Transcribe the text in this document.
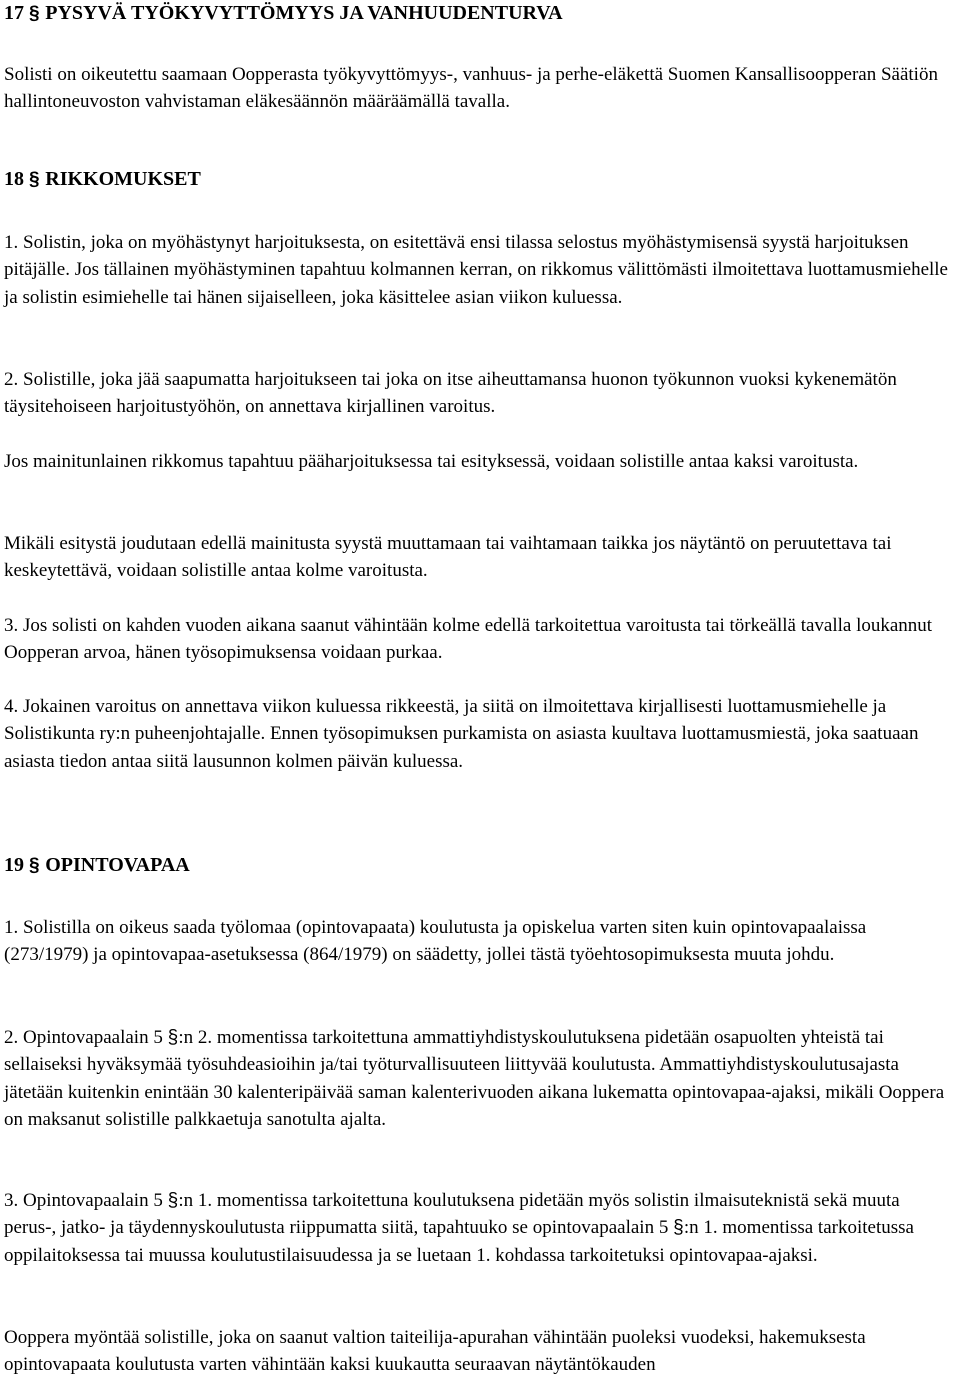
17 § PYSYVÄ TYÖKYVYTTÖMYYS JA VANHUUDENTURVA

Solisti on oikeutettu saamaan Oopperasta työkyvyttömyys-, vanhuus- ja perhe-eläkettä Suomen Kansallisoopperan Säätiön hallintoneuvoston vahvistaman eläkesäännön määräämällä tavalla.

18 § RIKKOMUKSET

1. Solistin, joka on myöhästynyt harjoituksesta, on esitettävä ensi tilassa selostus myöhästymisensä syystä harjoituksen pitäjälle. Jos tällainen myöhästyminen tapahtuu kolmannen kerran, on rikkomus välittömästi ilmoitettava luottamusmiehelle ja solistin esimiehelle tai hänen sijaiselleen, joka käsittelee asian viikon kuluessa.

2. Solistille, joka jää saapumatta harjoitukseen tai joka on itse aiheuttamansa huonon työkunnon vuoksi kykenemätön täysitehoiseen harjoitustyöhön, on annettava kirjallinen varoitus.

Jos mainitunlainen rikkomus tapahtuu pääharjoituksessa tai esityksessä, voidaan solistille antaa kaksi varoitusta.

Mikäli esitystä joudutaan edellä mainitusta syystä muuttamaan tai vaihtamaan taikka jos näytäntö on peruutettava tai keskeytettävä, voidaan solistille antaa kolme varoitusta.

3. Jos solisti on kahden vuoden aikana saanut vähintään kolme edellä tarkoitettua varoitusta tai törkeällä tavalla loukannut Oopperan arvoa, hänen työsopimuksensa voidaan purkaa.

4. Jokainen varoitus on annettava viikon kuluessa rikkeestä, ja siitä on ilmoitettava kirjallisesti luottamusmiehelle ja Solistikunta ry:n puheenjohtajalle. Ennen työsopimuksen purkamista on asiasta kuultava luottamusmiestä, joka saatuaan asiasta tiedon antaa siitä lausunnon kolmen päivän kuluessa.

19 § OPINTOVAPAA

1. Solistilla on oikeus saada työlomaa (opintovapaata) koulutusta ja opiskelua varten siten kuin opintovapaalaissa (273/1979) ja opintovapaa-asetuksessa (864/1979) on säädetty, jollei tästä työehtosopimuksesta muuta johdu.

2. Opintovapaalain 5 §:n 2. momentissa tarkoitettuna ammattiyhdistyskoulutuksena pidetään osapuolten yhteistä tai sellaiseksi hyväksymää työsuhdeasioihin ja/tai työturvallisuuteen liittyvää koulutusta. Ammattiyhdistyskoulutusajasta jätetään kuitenkin enintään 30 kalenteripäivää saman kalenterivuoden aikana lukematta opintovapaa-ajaksi, mikäli Ooppera on maksanut solistille palkkaetuja sanotulta ajalta.

3. Opintovapaalain 5 §:n 1. momentissa tarkoitettuna koulutuksena pidetään myös solistin ilmaisuteknistä sekä muuta perus-, jatko- ja täydennyskoulutusta riippumatta siitä, tapahtuuko se opintovapaalain 5 §:n 1. momentissa tarkoitetussa oppilaitoksessa tai muussa koulutustilaisuudessa ja se luetaan 1. kohdassa tarkoitetuksi opintovapaa-ajaksi.

Ooppera myöntää solistille, joka on saanut valtion taiteilija-apurahan vähintään puoleksi vuodeksi, hakemuksesta opintovapaata koulutusta varten vähintään kaksi kuukautta seuraavan näytäntökauden
